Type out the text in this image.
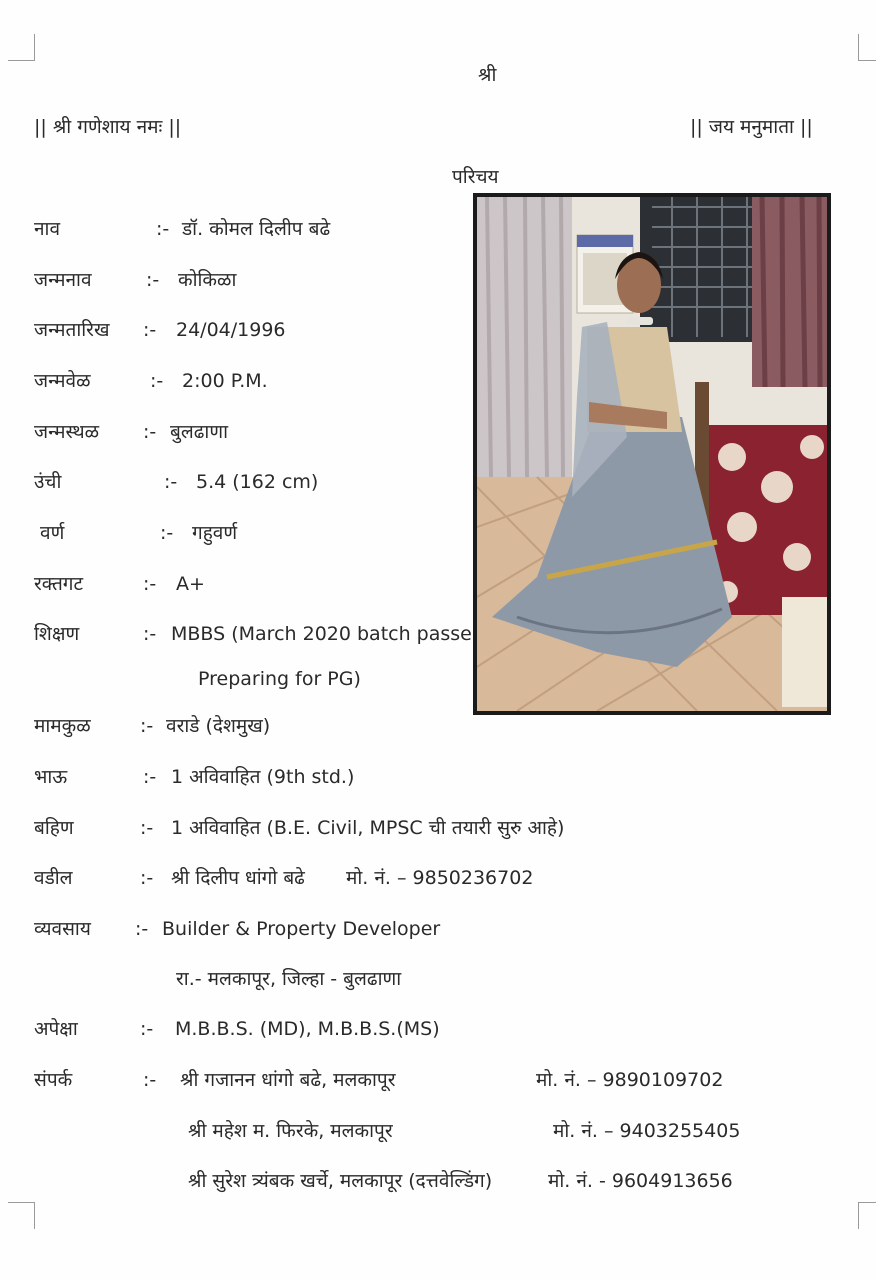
श्री
|| श्री गणेशाय नमः ||	|| जय मनुमाता ||
परिचय
नाव	:- डॉ. कोमल दिलीप बढे
जन्मनाव	:- कोकिळा
जन्मतारिख :- 24/04/1996
जन्मवेळ	:- 2:00 P.M.
जन्मस्थळ :- बुलढाणा
उंची	:- 5.4 (162 cm)
वर्ण	:- गहुवर्ण
रक्तगट	:- A+
शिक्षण	:- MBBS (March 2020 batch passe
Preparing for PG)
मामकुळ	:- वराडे (देशमुख)
भाऊ	:- 1 अविवाहित (9th std.)
बहिण	:- 1 अविवाहित (B.E. Civil, MPSC ची तयारी सुरु आहे)
वडील	:- श्री दिलीप धांगो बढे मो. नं. – 9850236702
व्यवसाय :- Builder & Property Developer
रा.- मलकापूर, जिल्हा - बुलढाणा
अपेक्षा	:- M.B.B.S. (MD), M.B.B.S.(MS)
संपर्क	:- श्री गजानन धांगो बढे, मलकापूर	मो. नं. – 9890109702
श्री महेश म. फिरके, मलकापूर	मो. नं. – 9403255405
श्री सुरेश त्र्यंबक खर्चे, मलकापूर (दत्तवेल्डिंग)	मो. नं. - 9604913656
